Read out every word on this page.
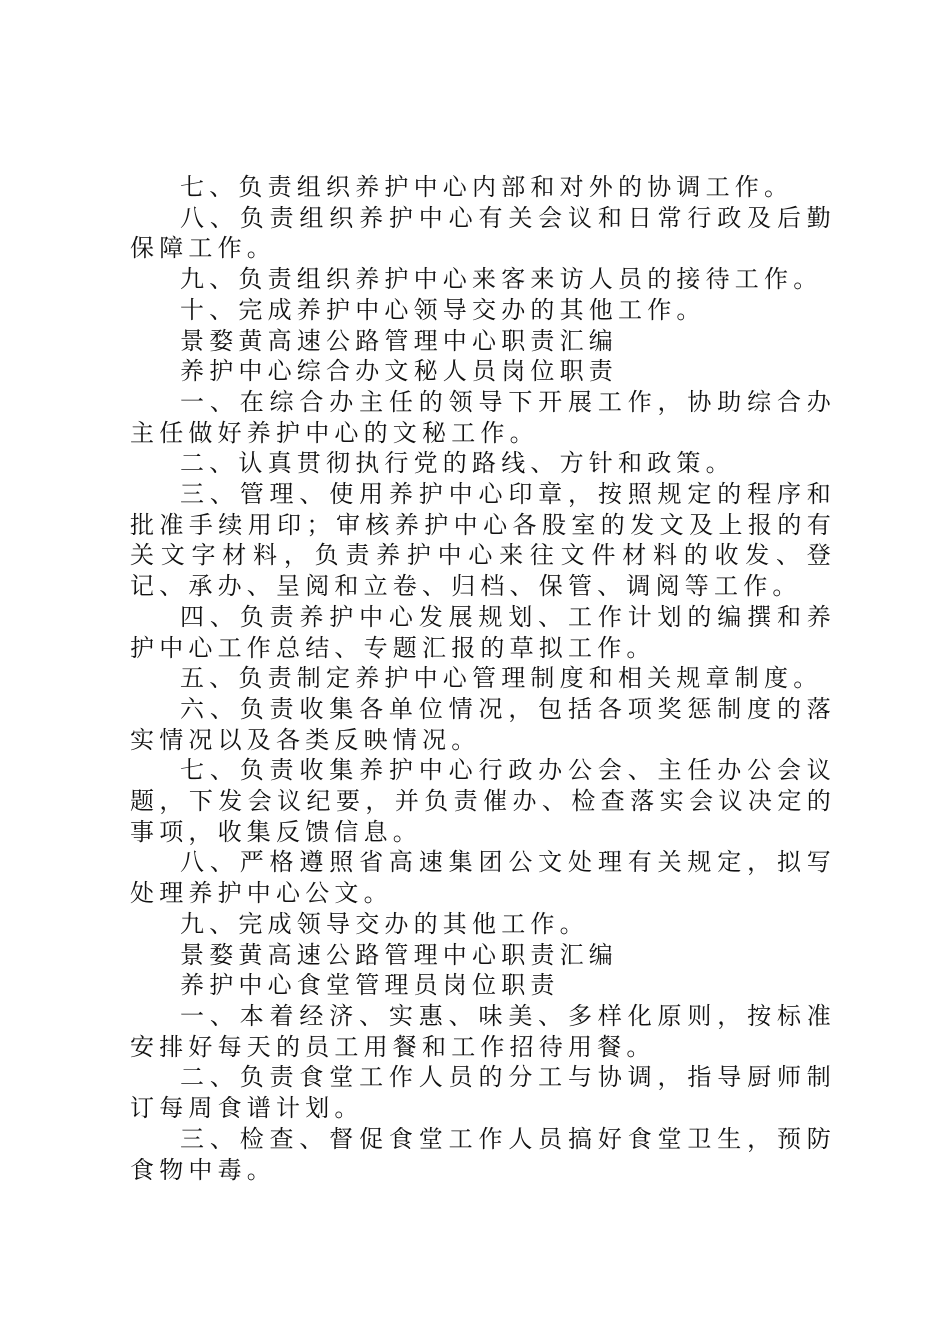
七、负责组织养护中心内部和对外的协调工作。

八、负责组织养护中心有关会议和日常行政及后勤保障工作。

九、负责组织养护中心来客来访人员的接待工作。

十、完成养护中心领导交办的其他工作。

景婺黄高速公路管理中心职责汇编

养护中心综合办文秘人员岗位职责

一、在综合办主任的领导下开展工作，协助综合办主任做好养护中心的文秘工作。

二、认真贯彻执行党的路线、方针和政策。

三、管理、使用养护中心印章，按照规定的程序和批准手续用印；审核养护中心各股室的发文及上报的有关文字材料，负责养护中心来往文件材料的收发、登记、承办、呈阅和立卷、归档、保管、调阅等工作。

四、负责养护中心发展规划、工作计划的编撰和养护中心工作总结、专题汇报的草拟工作。

五、负责制定养护中心管理制度和相关规章制度。

六、负责收集各单位情况，包括各项奖惩制度的落实情况以及各类反映情况。

七、负责收集养护中心行政办公会、主任办公会议题，下发会议纪要，并负责催办、检查落实会议决定的事项，收集反馈信息。

八、严格遵照省高速集团公文处理有关规定，拟写处理养护中心公文。

九、完成领导交办的其他工作。

景婺黄高速公路管理中心职责汇编

养护中心食堂管理员岗位职责

一、本着经济、实惠、味美、多样化原则，按标准安排好每天的员工用餐和工作招待用餐。

二、负责食堂工作人员的分工与协调，指导厨师制订每周食谱计划。

三、检查、督促食堂工作人员搞好食堂卫生，预防食物中毒。
